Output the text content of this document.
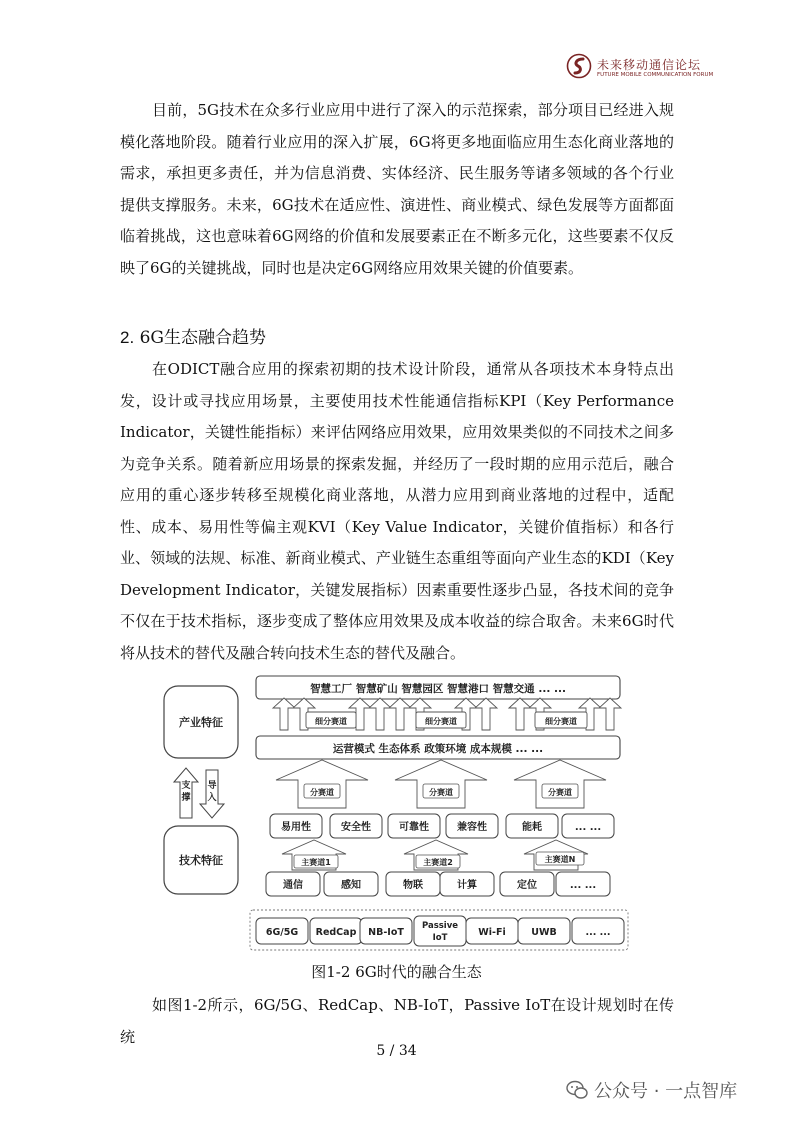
未来移动通信论坛
FUTURE MOBILE COMMUNICATION FORUM

目前，5G技术在众多行业应用中进行了深入的示范探索，部分项目已经进入规模化落地阶段。随着行业应用的深入扩展，6G将更多地面临应用生态化商业落地的需求，承担更多责任，并为信息消费、实体经济、民生服务等诸多领域的各个行业提供支撑服务。未来，6G技术在适应性、演进性、商业模式、绿色发展等方面都面临着挑战，这也意味着6G网络的价值和发展要素正在不断多元化，这些要素不仅反映了6G的关键挑战，同时也是决定6G网络应用效果关键的价值要素。

2. 6G生态融合趋势

在ODICT融合应用的探索初期的技术设计阶段，通常从各项技术本身特点出发，设计或寻找应用场景，主要使用技术性能通信指标KPI（Key Performance Indicator，关键性能指标）来评估网络应用效果，应用效果类似的不同技术之间多为竞争关系。随着新应用场景的探索发掘，并经历了一段时期的应用示范后，融合应用的重心逐步转移至规模化商业落地，从潜力应用到商业落地的过程中，适配性、成本、易用性等偏主观KVI（Key Value Indicator，关键价值指标）和各行业、领域的法规、标准、新商业模式、产业链生态重组等面向产业生态的KDI（Key Development Indicator，关键发展指标）因素重要性逐步凸显，各技术间的竞争不仅在于技术指标，逐步变成了整体应用效果及成本收益的综合取舍。未来6G时代将从技术的替代及融合转向技术生态的替代及融合。

产业特征
技术特征
支
撑
导
入
智慧工厂 智慧矿山 智慧园区 智慧港口 智慧交通 ... ...
细分赛道	细分赛道	细分赛道
运营模式 生态体系 政策环境 成本规模 ... ...
分赛道	分赛道	分赛道
易用性	安全性	可靠性	兼容性	能耗	... ...
主赛道1	主赛道2	主赛道N
通信	感知	物联	计算	定位	... ...
6G/5G RedCap NB-IoT
Passive
IoT	Wi-Fi	UWB	... ...
图1-2 6G时代的融合生态

如图1-2所示，6G/5G、RedCap、NB-IoT，Passive IoT在设计规划时在传统

5 / 34
公众号 · 一点智库
